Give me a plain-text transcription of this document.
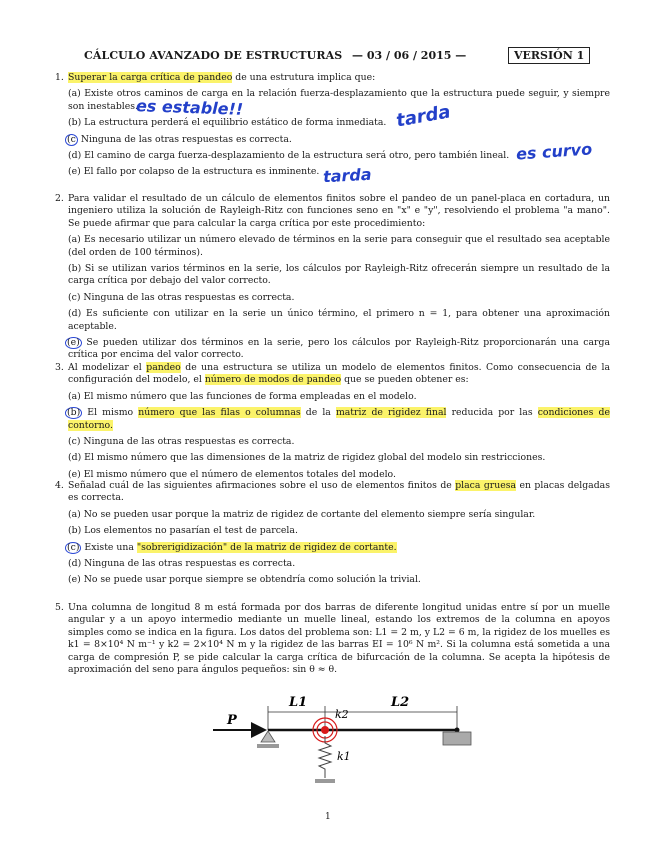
CÁLCULO AVANZADO DE ESTRUCTURAS — 03 / 06 / 2015 —	VERSIÓN 1
1. Superar la carga crítica de pandeo de una estrutura implica que:
(a) Existe otros caminos de carga en la relación fuerza-desplazamiento que la estructura puede seguir, y siempre son inestables.
(b) La estructura perderá el equilibrio estático de forma inmediata.
(c Ninguna de las otras respuestas es correcta.
(d) El camino de carga fuerza-desplazamiento de la estructura será otro, pero también lineal.
(e) El fallo por colapso de la estructura es inminente.
2. Para validar el resultado de un cálculo de elementos finitos sobre el pandeo de un panel-placa en cortadura, un ingeniero utiliza la solución de Rayleigh-Ritz con funciones seno en "x" e "y", resolviendo el problema "a mano". Se puede afirmar que para calcular la carga crítica por este procedimiento:
(a) Es necesario utilizar un número elevado de términos en la serie para conseguir que el resultado sea aceptable (del orden de 100 términos).
(b) Si se utilizan varios términos en la serie, los cálculos por Rayleigh-Ritz ofrecerán siempre un resultado de la carga crítica por debajo del valor correcto.
(c) Ninguna de las otras respuestas es correcta.
(d) Es suficiente con utilizar en la serie un único término, el primero n = 1, para obtener una aproximación aceptable.
(e) Se pueden utilizar dos términos en la serie, pero los cálculos por Rayleigh-Ritz proporcionarán una carga crítica por encima del valor correcto.
3. Al modelizar el pandeo de una estructura se utiliza un modelo de elementos finitos. Como consecuencia de la configuración del modelo, el número de modos de pandeo que se pueden obtener es:
(a) El mismo número que las funciones de forma empleadas en el modelo.
(b) El mismo número que las filas o columnas de la matriz de rigidez final reducida por las condiciones de contorno.
(c) Ninguna de las otras respuestas es correcta.
(d) El mismo número que las dimensiones de la matriz de rigidez global del modelo sin restricciones.
(e) El mismo número que el número de elementos totales del modelo.
4. Señalad cuál de las siguientes afirmaciones sobre el uso de elementos finitos de placa gruesa en placas delgadas es correcta.
(a) No se pueden usar porque la matriz de rigidez de cortante del elemento siempre sería singular.
(b) Los elementos no pasarían el test de parcela.
(c) Existe una "sobrerigidización" de la matriz de rigidez de cortante.
(d) Ninguna de las otras respuestas es correcta.
(e) No se puede usar porque siempre se obtendría como solución la trivial.
5. Una columna de longitud 8 m está formada por dos barras de diferente longitud unidas entre sí por un muelle angular y a un apoyo intermedio mediante un muelle lineal, estando los extremos de la columna en apoyos simples como se indica en la figura. Los datos del problema son: L1 = 2 m, y L2 = 6 m, la rigidez de los muelles es k1 = 8×10⁴ N m⁻¹ y k2 = 2×10⁴ N m y la rigidez de las barras EI = 10⁶ N m². Si la columna está sometida a una carga de compresión P, se pide calcular la carga crítica de bifurcación de la columna. Se acepta la hipótesis de aproximación del seno para ángulos pequeños: sin θ ≈ θ.
L1	L2
P	k2
k1
es estable!!	tarda
es curvo
tarda
1
